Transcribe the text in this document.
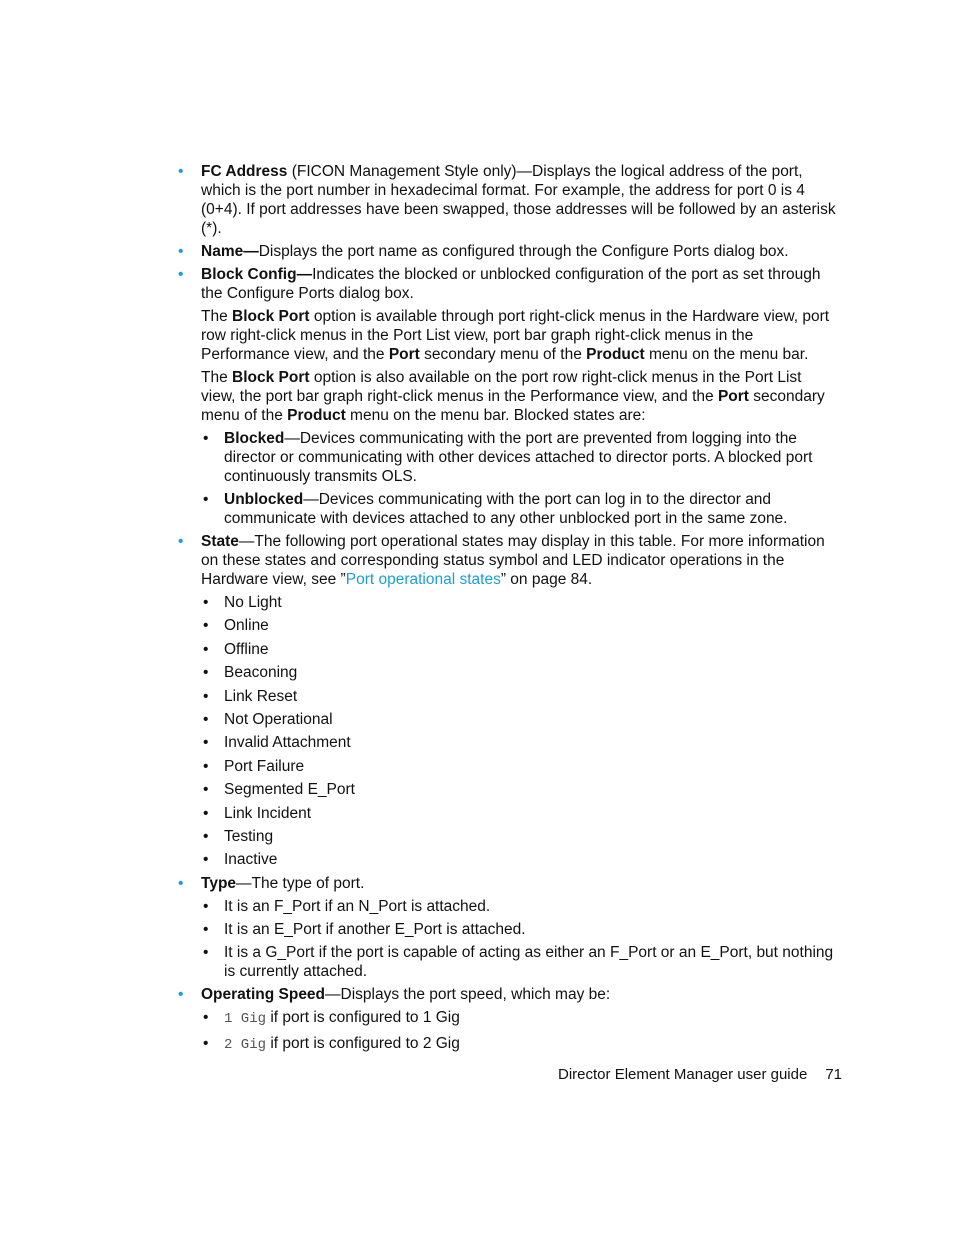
• FC Address (FICON Management Style only)—Displays the logical address of the port, which is the port number in hexadecimal format. For example, the address for port 0 is 4 (0+4). If port addresses have been swapped, those addresses will be followed by an asterisk (*).
• Name—Displays the port name as configured through the Configure Ports dialog box.
• Block Config—Indicates the blocked or unblocked configuration of the port as set through the Configure Ports dialog box.
The Block Port option is available through port right-click menus in the Hardware view, port row right-click menus in the Port List view, port bar graph right-click menus in the Performance view, and the Port secondary menu of the Product menu on the menu bar.
The Block Port option is also available on the port row right-click menus in the Port List view, the port bar graph right-click menus in the Performance view, and the Port secondary menu of the Product menu on the menu bar. Blocked states are:
• Blocked—Devices communicating with the port are prevented from logging into the director or communicating with other devices attached to director ports. A blocked port continuously transmits OLS.
• Unblocked—Devices communicating with the port can log in to the director and communicate with devices attached to any other unblocked port in the same zone.
• State—The following port operational states may display in this table. For more information on these states and corresponding status symbol and LED indicator operations in the Hardware view, see ”Port operational states” on page 84.
• No Light
• Online
• Offline
• Beaconing
• Link Reset
• Not Operational
• Invalid Attachment
• Port Failure
• Segmented E_Port
• Link Incident
• Testing
• Inactive
• Type—The type of port.
• It is an F_Port if an N_Port is attached.
• It is an E_Port if another E_Port is attached.
• It is a G_Port if the port is capable of acting as either an F_Port or an E_Port, but nothing is currently attached.
• Operating Speed—Displays the port speed, which may be:
• 1 Gig if port is configured to 1 Gig
• 2 Gig if port is configured to 2 Gig
Director Element Manager user guide 71
